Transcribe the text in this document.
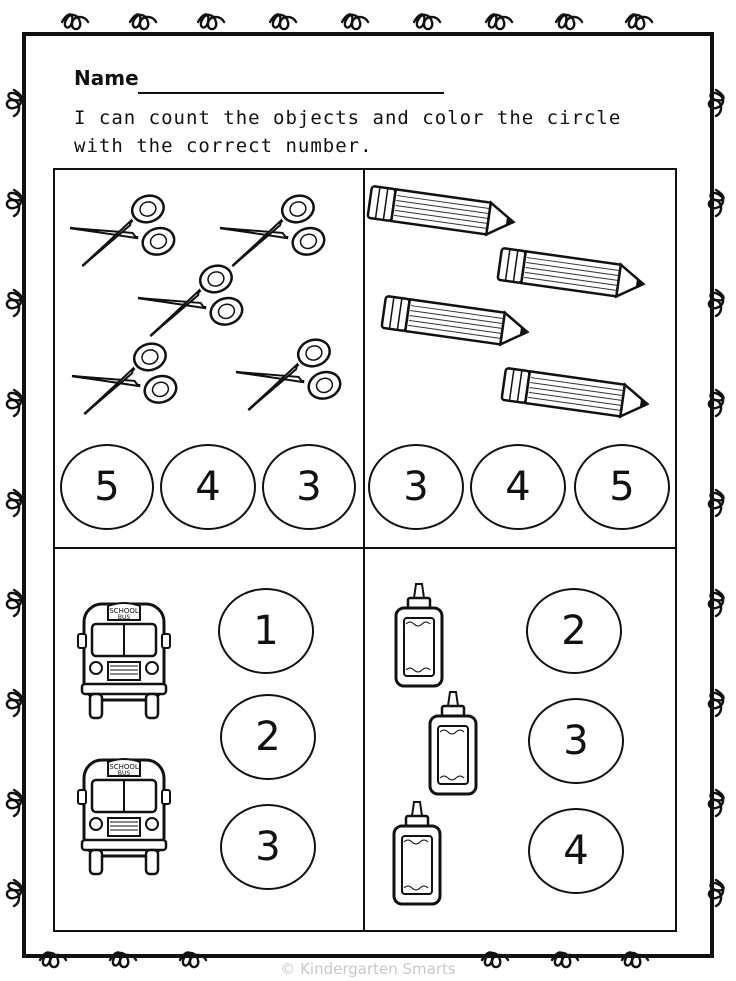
Name
I can count the objects and color the circle with the correct number.
5	4	3	3	4	5
1
2
3
2
3
4
© Kindergarten Smarts
